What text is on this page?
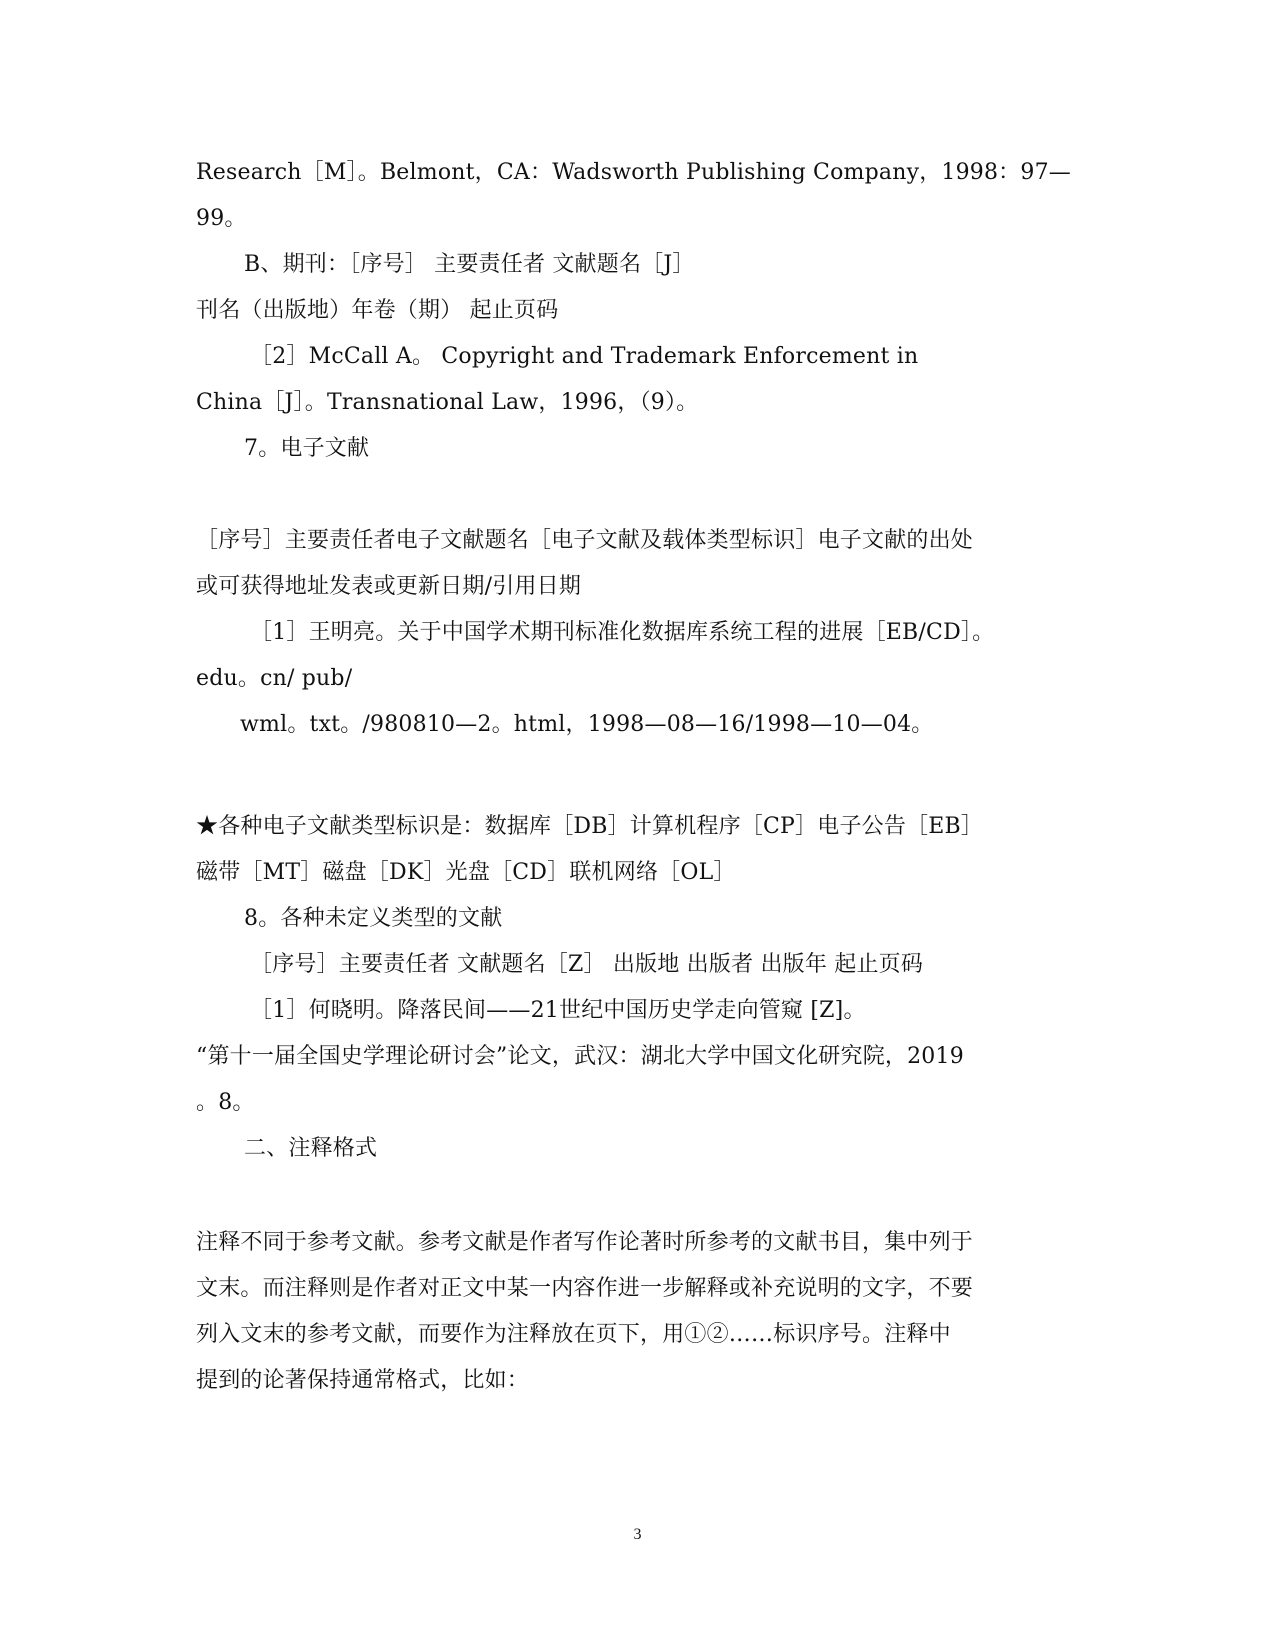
Research［M］。Belmont，CA：Wadsworth Publishing Company，1998：97—
99。
B、期刊：［序号］ 主要责任者 文献题名［J］
刊名（出版地）年卷（期） 起止页码
［2］McCall A。 Copyright and Trademark Enforcement in
China［J］。Transnational Law，1996，（9）。
7。电子文献
［序号］主要责任者电子文献题名［电子文献及载体类型标识］电子文献的出处
或可获得地址发表或更新日期/引用日期
［1］王明亮。关于中国学术期刊标准化数据库系统工程的进展［EB/CD］。
edu。cn/ pub/
wml。txt。/980810—2。html，1998—08—16/1998—10—04。
★各种电子文献类型标识是：数据库［DB］计算机程序［CP］电子公告［EB］
磁带［MT］磁盘［DK］光盘［CD］联机网络［OL］
8。各种未定义类型的文献
［序号］主要责任者 文献题名［Z］ 出版地 出版者 出版年 起止页码
［1］何晓明。降落民间——21世纪中国历史学走向管窥 [Z]。
“第十一届全国史学理论研讨会”论文，武汉：湖北大学中国文化研究院，2019
。8。
二、注释格式
注释不同于参考文献。参考文献是作者写作论著时所参考的文献书目，集中列于
文末。而注释则是作者对正文中某一内容作进一步解释或补充说明的文字，不要
列入文末的参考文献，而要作为注释放在页下，用①②……标识序号。注释中
提到的论著保持通常格式，比如：
3
